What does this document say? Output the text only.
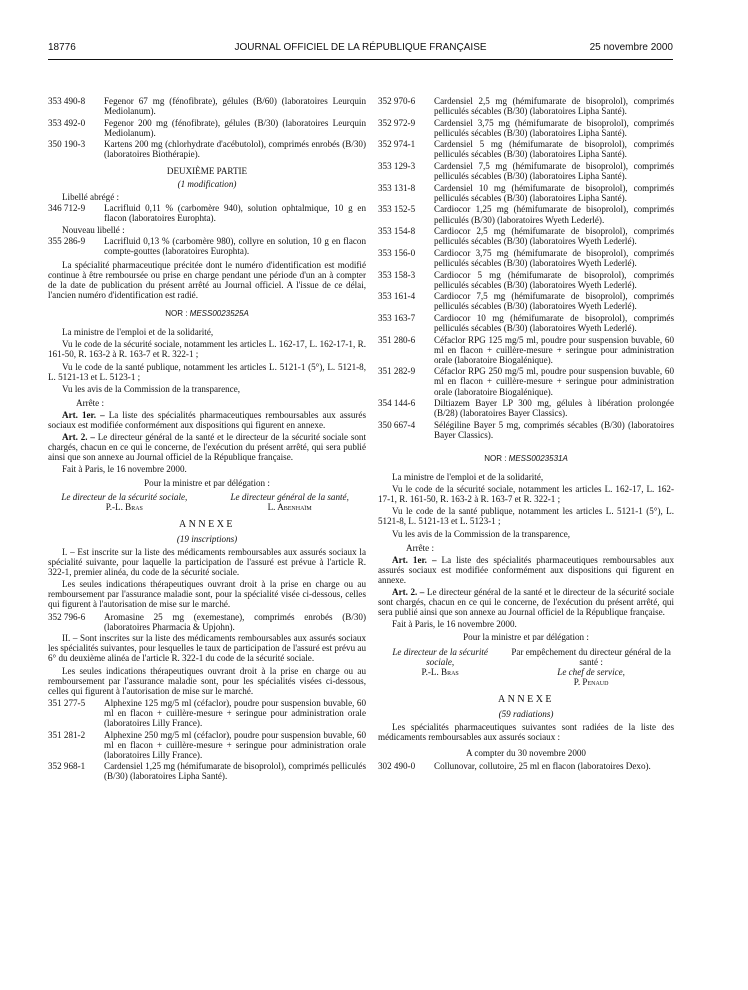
18776	JOURNAL OFFICIEL DE LA RÉPUBLIQUE FRANÇAISE	25 novembre 2000
353 490-8	Fegenor 67 mg (fénofibrate), gélules (B/60) (laboratoires Leurquin Mediolanum).
353 492-0	Fegenor 200 mg (fénofibrate), gélules (B/30) (laboratoires Leurquin Mediolanum).
350 190-3	Kartens 200 mg (chlorhydrate d'acébutolol), comprimés enrobés (B/30) (laboratoires Biothérapie).
DEUXIÈME PARTIE
(1 modification)
Libellé abrégé :
346 712-9	Lacrifluid 0,11 % (carbomère 940), solution ophtalmique, 10 g en flacon (laboratoires Europhta).
Nouveau libellé :
355 286-9	Lacrifluid 0,13 % (carbomère 980), collyre en solution, 10 g en flacon compte-gouttes (laboratoires Europhta).
La spécialité pharmaceutique précitée dont le numéro d'identification est modifié continue à être remboursée ou prise en charge pendant une période d'un an à compter de la date de publication du présent arrêté au Journal officiel. A l'issue de ce délai, l'ancien numéro d'identification est radié.
NOR : MESS0023525A
La ministre de l'emploi et de la solidarité,
Vu le code de la sécurité sociale, notamment les articles L. 162-17, L. 162-17-1, R. 161-50, R. 163-2 à R. 163-7 et R. 322-1 ;
Vu le code de la santé publique, notamment les articles L. 5121-1 (5°), L. 5121-8, L. 5121-13 et L. 5123-1 ;
Vu les avis de la Commission de la transparence,
Arrête :
Art. 1er. – La liste des spécialités pharmaceutiques remboursables aux assurés sociaux est modifiée conformément aux dispositions qui figurent en annexe.
Art. 2. – Le directeur général de la santé et le directeur de la sécurité sociale sont chargés, chacun en ce qui le concerne, de l'exécution du présent arrêté, qui sera publié ainsi que son annexe au Journal officiel de la République française.
Fait à Paris, le 16 novembre 2000.
Pour la ministre et par délégation :
Le directeur de la sécurité sociale,
P.-L. Bras
Le directeur général de la santé,
L. Abenhaïm
ANNEXE
(19 inscriptions)
I. – Est inscrite sur la liste des médicaments remboursables aux assurés sociaux la spécialité suivante, pour laquelle la participation de l'assuré est prévue à l'article R. 322-1, premier alinéa, du code de la sécurité sociale.
Les seules indications thérapeutiques ouvrant droit à la prise en charge ou au remboursement par l'assurance maladie sont, pour la spécialité visée ci-dessous, celles qui figurent à l'autorisation de mise sur le marché.
352 796-6	Aromasine 25 mg (exemestane), comprimés enrobés (B/30) (laboratoires Pharmacia & Upjohn).
II. – Sont inscrites sur la liste des médicaments remboursables aux assurés sociaux les spécialités suivantes, pour lesquelles le taux de participation de l'assuré est prévu au 6° du deuxième alinéa de l'article R. 322-1 du code de la sécurité sociale.
Les seules indications thérapeutiques ouvrant droit à la prise en charge ou au remboursement par l'assurance maladie sont, pour les spécialités visées ci-dessous, celles qui figurent à l'autorisation de mise sur le marché.
351 277-5	Alphexine 125 mg/5 ml (céfaclor), poudre pour suspension buvable, 60 ml en flacon + cuillère-mesure + seringue pour administration orale (laboratoires Lilly France).
351 281-2	Alphexine 250 mg/5 ml (céfaclor), poudre pour suspension buvable, 60 ml en flacon + cuillère-mesure + seringue pour administration orale (laboratoires Lilly France).
352 968-1	Cardensiel 1,25 mg (hémifumarate de bisoprolol), comprimés pelliculés (B/30) (laboratoires Lipha Santé).
352 970-6	Cardensiel 2,5 mg (hémifumarate de bisoprolol), comprimés pelliculés sécables (B/30) (laboratoires Lipha Santé).
352 972-9	Cardensiel 3,75 mg (hémifumarate de bisoprolol), comprimés pelliculés sécables (B/30) (laboratoires Lipha Santé).
352 974-1	Cardensiel 5 mg (hémifumarate de bisoprolol), comprimés pelliculés sécables (B/30) (laboratoires Lipha Santé).
353 129-3	Cardensiel 7,5 mg (hémifumarate de bisoprolol), comprimés pelliculés sécables (B/30) (laboratoires Lipha Santé).
353 131-8	Cardensiel 10 mg (hémifumarate de bisoprolol), comprimés pelliculés sécables (B/30) (laboratoires Lipha Santé).
353 152-5	Cardiocor 1,25 mg (hémifumarate de bisoprolol), comprimés pelliculés (B/30) (laboratoires Wyeth Lederlé).
353 154-8	Cardiocor 2,5 mg (hémifumarate de bisoprolol), comprimés pelliculés sécables (B/30) (laboratoires Wyeth Lederlé).
353 156-0	Cardiocor 3,75 mg (hémifumarate de bisoprolol), comprimés pelliculés sécables (B/30) (laboratoires Wyeth Lederlé).
353 158-3	Cardiocor 5 mg (hémifumarate de bisoprolol), comprimés pelliculés sécables (B/30) (laboratoires Wyeth Lederlé).
353 161-4	Cardiocor 7,5 mg (hémifumarate de bisoprolol), comprimés pelliculés sécables (B/30) (laboratoires Wyeth Lederlé).
353 163-7	Cardiocor 10 mg (hémifumarate de bisoprolol), comprimés pelliculés sécables (B/30) (laboratoires Wyeth Lederlé).
351 280-6	Céfaclor RPG 125 mg/5 ml, poudre pour suspension buvable, 60 ml en flacon + cuillère-mesure + seringue pour administration orale (laboratoire Biogalénique).
351 282-9	Céfaclor RPG 250 mg/5 ml, poudre pour suspension buvable, 60 ml en flacon + cuillère-mesure + seringue pour administration orale (laboratoire Biogalénique).
354 144-6	Diltiazem Bayer LP 300 mg, gélules à libération prolongée (B/28) (laboratoires Bayer Classics).
350 667-4	Sélégiline Bayer 5 mg, comprimés sécables (B/30) (laboratoires Bayer Classics).
NOR : MESS0023531A
La ministre de l'emploi et de la solidarité,
Vu le code de la sécurité sociale, notamment les articles L. 162-17, L. 162-17-1, R. 161-50, R. 163-2 à R. 163-7 et R. 322-1 ;
Vu le code de la santé publique, notamment les articles L. 5121-1 (5°), L. 5121-8, L. 5121-13 et L. 5123-1 ;
Vu les avis de la Commission de la transparence,
Arrête :
Art. 1er. – La liste des spécialités pharmaceutiques remboursables aux assurés sociaux est modifiée conformément aux dispositions qui figurent en annexe.
Art. 2. – Le directeur général de la santé et le directeur de la sécurité sociale sont chargés, chacun en ce qui le concerne, de l'exécution du présent arrêté, qui sera publié ainsi que son annexe au Journal officiel de la République française.
Fait à Paris, le 16 novembre 2000.
Pour la ministre et par délégation :
Le directeur de la sécurité sociale,
P.-L. Bras
Par empêchement du directeur général de la santé :
Le chef de service,
P. Penaud
ANNEXE
(59 radiations)
Les spécialités pharmaceutiques suivantes sont radiées de la liste des médicaments remboursables aux assurés sociaux :
A compter du 30 novembre 2000
302 490-0	Collunovar, collutoire, 25 ml en flacon (laboratoires Dexo).
